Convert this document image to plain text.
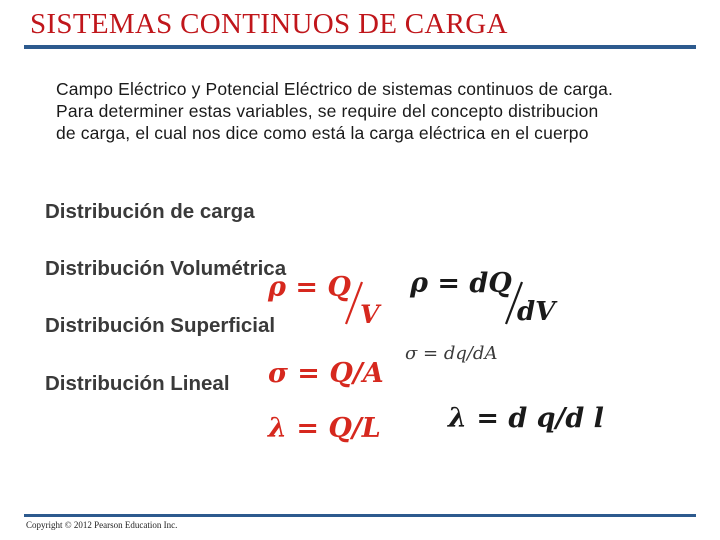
SISTEMAS CONTINUOS DE CARGA

Campo Eléctrico y Potencial Eléctrico de sistemas continuos de carga.

Para determiner estas variables, se require del concepto distribucion

de carga, el cual nos dice como está la carga eléctrica en el cuerpo

Distribución de carga
Distribución Volumétrica
Distribución Superficial
Distribución Lineal
ρ = Q
V
ρ = dQ
dV
σ = dq/dA
σ = Q/A
λ = Q/L λ = d q/d l
Copyright © 2012 Pearson Education Inc.
